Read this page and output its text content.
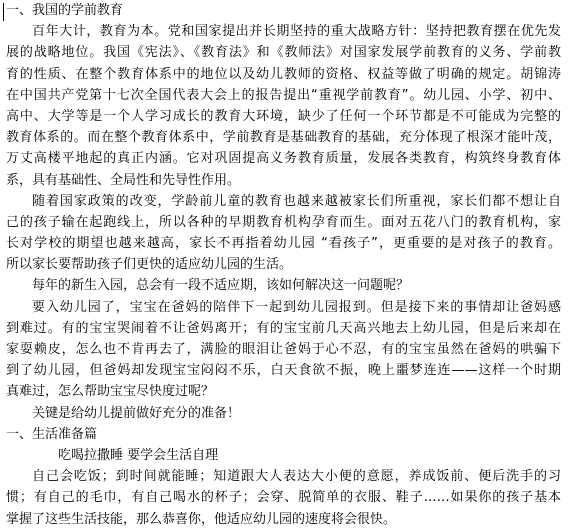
一、我国的学前教育
百年大计，教育为本。党和国家提出并长期坚持的重大战略方针：坚持把教育摆在优先发
展的战略地位。我国《宪法》、《教育法》和《教师法》对国家发展学前教育的义务、学前教
育的性质、在整个教育体系中的地位以及幼儿教师的资格、权益等做了明确的规定。胡锦涛
在中国共产党第十七次全国代表大会上的报告提出“重视学前教育”。幼儿园、小学、初中、
高中、大学等是一个人学习成长的教育大环境，缺少了任何一个环节都是不可能成为完整的
教育体系的。而在整个教育体系中，学前教育是基础教育的基础，充分体现了根深才能叶茂，
万丈高楼平地起的真正内涵。它对巩固提高义务教育质量，发展各类教育，构筑终身教育体
系，具有基础性、全局性和先导性作用。
随着国家政策的改变，学龄前儿童的教育也越来越被家长们所重视，家长们都不想让自
己的孩子输在起跑线上，所以各种的早期教育机构孕育而生。面对五花八门的教育机构，家
长对学校的期望也越来越高，家长不再指着幼儿园 “看孩子”，更重要的是对孩子的教育。
所以家长要帮助孩子们更快的适应幼儿园的生活。
每年的新生入园，总会有一段不适应期，该如何解决这一问题呢？
要入幼儿园了，宝宝在爸妈的陪伴下一起到幼儿园报到。但是接下来的事情却让爸妈感
到难过。有的宝宝哭闹着不让爸妈离开；有的宝宝前几天高兴地去上幼儿园，但是后来却在
家耍赖皮，怎么也不肯再去了，满脸的眼泪让爸妈于心不忍，有的宝宝虽然在爸妈的哄骗下
到了幼儿园，但爸妈却发现宝宝闷闷不乐，白天食欲不振，晚上噩梦连连——这样一个时期
真难过，怎么帮助宝宝尽快度过呢？
关键是给幼儿提前做好充分的准备！
一、生活准备篇
吃喝拉撒睡 要学会生活自理
自己会吃饭；到时间就能睡；知道跟大人表达大小便的意愿，养成饭前、便后洗手的习
惯；有自己的毛巾，有自己喝水的杯子；会穿、脱简单的衣服、鞋子……如果你的孩子基本
掌握了这些生活技能，那么恭喜你，他适应幼儿园的速度将会很快。
